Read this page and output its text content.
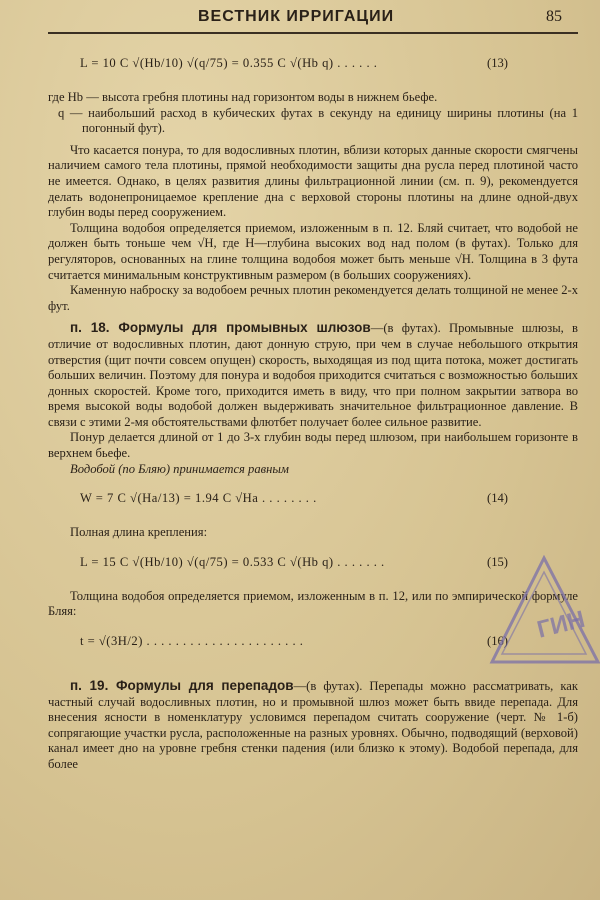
ВЕСТНИК ИРРИГАЦИИ	85
L = 10 C √(Hb/10) √(q/75) = 0.355 C √(Hb q) . . . . . .	(13)

где Hb — высота гребня плотины над горизонтом воды в нижнем бьефе.

q — наибольший расход в кубических футах в секунду на единицу ширины плотины (на 1 погонный фут).

Что касается понура, то для водосливных плотин, вблизи которых данные скорости смягчены наличием самого тела плотины, прямой необходимости защиты дна русла перед плотиной часто не имеется. Однако, в целях развития длины фильтрационной линии (см. п. 9), рекомендуется делать водонепроницаемое крепление дна с верховой стороны плотины на длине одной-двух глубин воды перед сооружением.

Толщина водобоя определяется приемом, изложенным в п. 12. Бляй считает, что водобой не должен быть тоньше чем √H, где H—глубина высоких вод над полом (в футах). Только для регуляторов, основанных на глине толщина водобоя может быть меньше √H. Толщина в 3 фута считается минимальным конструктивным размером (в больших сооружениях).

Каменную наброску за водобоем речных плотин рекомендуется делать толщиной не менее 2-х фут.

п. 18. Формулы для промывных шлюзов—(в футах). Промывные шлюзы, в отличие от водосливных плотин, дают донную струю, при чем в случае небольшого открытия отверстия (щит почти совсем опущен) скорость, выходящая из под щита потока, может достигать больших величин. Поэтому для понура и водобоя приходится считаться с возможностью больших донных скоростей. Кроме того, приходится иметь в виду, что при полном закрытии затвора во время высокой воды водобой должен выдерживать значительное фильтрационное давление. В связи с этими 2-мя обстоятельствами флютбет получает более сильное развитие.

Понур делается длиной от 1 до 3-х глубин воды перед шлюзом, при наибольшем горизонте в верхнем бьефе.

Водобой (по Бляю) принимается равным

W = 7 C √(Ha/13) = 1.94 C √Ha . . . . . . . .	(14)

Полная длина крепления:

L = 15 C √(Hb/10) √(q/75) = 0.533 C √(Hb q) . . . . . . .	(15)

Толщина водобоя определяется приемом, изложенным в п. 12, или по эмпирической формуле Бляя:

t = √(3H/2) . . . . . . . . . . . . . . . . . . . . . .	(16)

п. 19. Формулы для перепадов—(в футах). Перепады можно рассматривать, как частный случай водосливных плотин, но и промывной шлюз может быть ввиде перепада. Для внесения ясности в номенклатуру условимся перепадом считать сооружение (черт. № 1-б) сопрягающие участки русла, расположенные на разных уровнях. Обычно, подводящий (верховой) канал имеет дно на уровне гребня стенки падения (или близко к этому). Водобой перепада, для более

ГИН
